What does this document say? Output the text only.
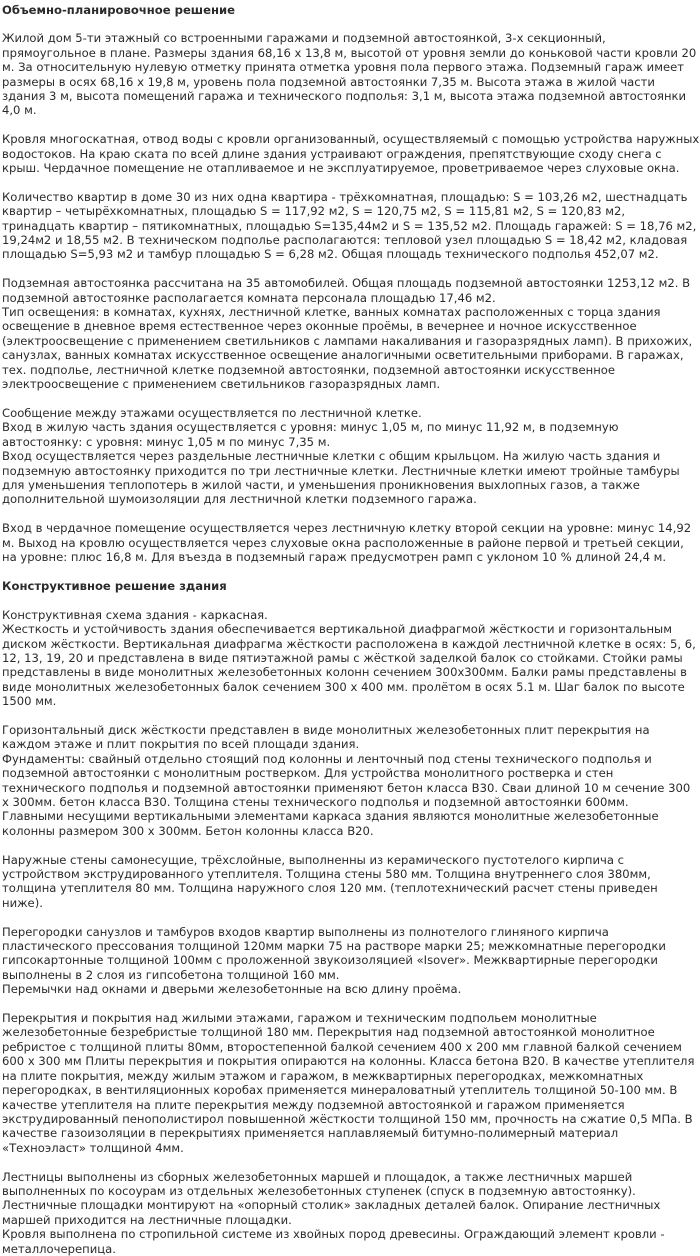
Объемно-планировочное решение

Жилой дом 5-ти этажный со встроенными гаражами и подземной автостоянкой, 3-х секционный, прямоугольное в плане. Размеры здания 68,16 х 13,8 м, высотой от уровня земли до коньковой части кровли 20 м. За относительную нулевую отметку принята отметка уровня пола первого этажа. Подземный гараж имеет размеры в осях 68,16 х 19,8 м, уровень пола подземной автостоянки 7,35 м. Высота этажа в жилой части здания 3 м, высота помещений гаража и технического подполья: 3,1 м, высота этажа подземной автостоянки 4,0 м.

Кровля многоскатная, отвод воды с кровли организованный, осуществляемый с помощью устройства наружных водостоков. На краю ската по всей длине здания устраивают ограждения, препятствующие сходу снега с крыш. Чердачное помещение не отапливаемое и не эксплуатируемое, проветриваемое через слуховые окна.

Количество квартир в доме 30 из них одна квартира - трёхкомнатная, площадью: S = 103,26 м2, шестнадцать квартир – четырёхкомнатных, площадью S = 117,92 м2, S = 120,75 м2, S = 115,81 м2, S = 120,83 м2, тринадцать квартир – пятикомнатных, площадью S=135,44м2 и S = 135,52 м2. Площадь гаражей: S = 18,76 м2, 19,24м2 и 18,55 м2. В техническом подполье располагаются: тепловой узел площадью S = 18,42 м2, кладовая площадью S=5,93 м2 и тамбур площадью S = 6,28 м2. Общая площадь технического подполья 452,07 м2.

Подземная автостоянка рассчитана на 35 автомобилей. Общая площадь подземной автостоянки 1253,12 м2. В подземной автостоянке располагается комната персонала площадью 17,46 м2.
Тип освещения: в комнатах, кухнях, лестничной клетке, ванных комнатах расположенных с торца здания освещение в дневное время естественное через оконные проёмы, в вечернее и ночное искусственное (электроосвещение с применением светильников с лампами накаливания и газоразрядных ламп). В прихожих, санузлах, ванных комнатах искусственное освещение аналогичными осветительными приборами. В гаражах, тех. подполье, лестничной клетке подземной автостоянки, подземной автостоянки искусственное электроосвещение с применением светильников газоразрядных ламп.

Сообщение между этажами осуществляется по лестничной клетке.
Вход в жилую часть здания осуществляется с уровня: минус 1,05 м, по минус 11,92 м, в подземную автостоянку: с уровня: минус 1,05 м по минус 7,35 м.
Вход осуществляется через раздельные лестничные клетки с общим крыльцом. На жилую часть здания и подземную автостоянку приходится по три лестничные клетки. Лестничные клетки имеют тройные тамбуры для уменьшения теплопотерь в жилой части, и уменьшения проникновения выхлопных газов, а также дополнительной шумоизоляции для лестничной клетки подземного гаража.

Вход в чердачное помещение осуществляется через лестничную клетку второй секции на уровне: минус 14,92 м. Выход на кровлю осуществляется через слуховые окна расположенные в районе первой и третьей секции, на уровне: плюс 16,8 м. Для въезда в подземный гараж предусмотрен рамп с уклоном 10 % длиной 24,4 м.

Конструктивное решение здания

Конструктивная схема здания - каркасная.
Жесткость и устойчивость здания обеспечивается вертикальной диафрагмой жёсткости и горизонтальным диском жёсткости. Вертикальная диафрагма жёсткости расположена в каждой лестничной клетке в осях: 5, 6, 12, 13, 19, 20 и представлена в виде пятиэтажной рамы с жёсткой заделкой балок со стойками. Стойки рамы представлены в виде монолитных железобетонных колонн сечением 300х300мм. Балки рамы представлены в виде монолитных железобетонных балок сечением 300 х 400 мм. пролётом в осях 5.1 м. Шаг балок по высоте 1500 мм.

Горизонтальный диск жёсткости представлен в виде монолитных железобетонных плит перекрытия на каждом этаже и плит покрытия по всей площади здания.
Фундаменты: свайный отдельно стоящий под колонны и ленточный под стены технического подполья и подземной автостоянки с монолитным ростверком. Для устройства монолитного ростверка и стен технического подполья и подземной автостоянки применяют бетон класса В30. Сваи длиной 10 м сечение 300 х 300мм. бетон класса В30. Толщина стены технического подполья и подземной автостоянки 600мм.
Главными несущими вертикальными элементами каркаса здания являются монолитные железобетонные колонны размером 300 х 300мм. Бетон колонны класса В20.

Наружные стены самонесущие, трёхслойные, выполненны из керамического пустотелого кирпича с устройством экструдированного утеплителя. Толщина стены 580 мм. Толщина внутреннего слоя 380мм, толщина утеплителя 80 мм. Толщина наружного слоя 120 мм. (теплотехнический расчет стены приведен ниже).

Перегородки санузлов и тамбуров входов квартир выполнены из полнотелого глиняного кирпича пластического прессования толщиной 120мм марки 75 на растворе марки 25; межкомнатные перегородки гипсокартонные толщиной 100мм с проложенной звукоизоляцией «Isover». Межквартирные перегородки выполнены в 2 слоя из гипсобетона толщиной 160 мм.
Перемычки над окнами и дверьми железобетонные на всю длину проёма.

Перекрытия и покрытия над жилыми этажами, гаражом и техническим подпольем монолитные железобетонные безребристые толщиной 180 мм. Перекрытия над подземной автостоянкой монолитное ребристое с толщиной плиты 80мм, второстепенной балкой сечением 400 х 200 мм главной балкой сечением 600 х 300 мм Плиты перекрытия и покрытия опираются на колонны. Класса бетона В20. В качестве утеплителя на плите покрытия, между жилым этажом и гаражом, в межквартирных перегородках, межкомнатных перегородках, в вентиляционных коробах применяется минераловатный утеплитель толщиной 50-100 мм. В качестве утеплителя на плите перекрытия между подземной автостоянкой и гаражом применяется экструдированный пенополистирол повышенной жёсткости толщиной 150 мм, прочность на сжатие 0,5 МПа. В качестве газоизоляции в перекрытиях применяется наплавляемый битумно-полимерный материал «Техноэласт» толщиной 4мм.

Лестницы выполнены из сборных железобетонных маршей и площадок, а также лестничных маршей выполненных по косоурам из отдельных железобетонных ступенек (спуск в подземную автостоянку). Лестничные площадки монтируют на «опорный столик» закладных деталей балок. Опирание лестничных маршей приходится на лестничные площадки.
Кровля выполнена по стропильной системе из хвойных пород древесины. Ограждающий элемент кровли - металлочерепица.
